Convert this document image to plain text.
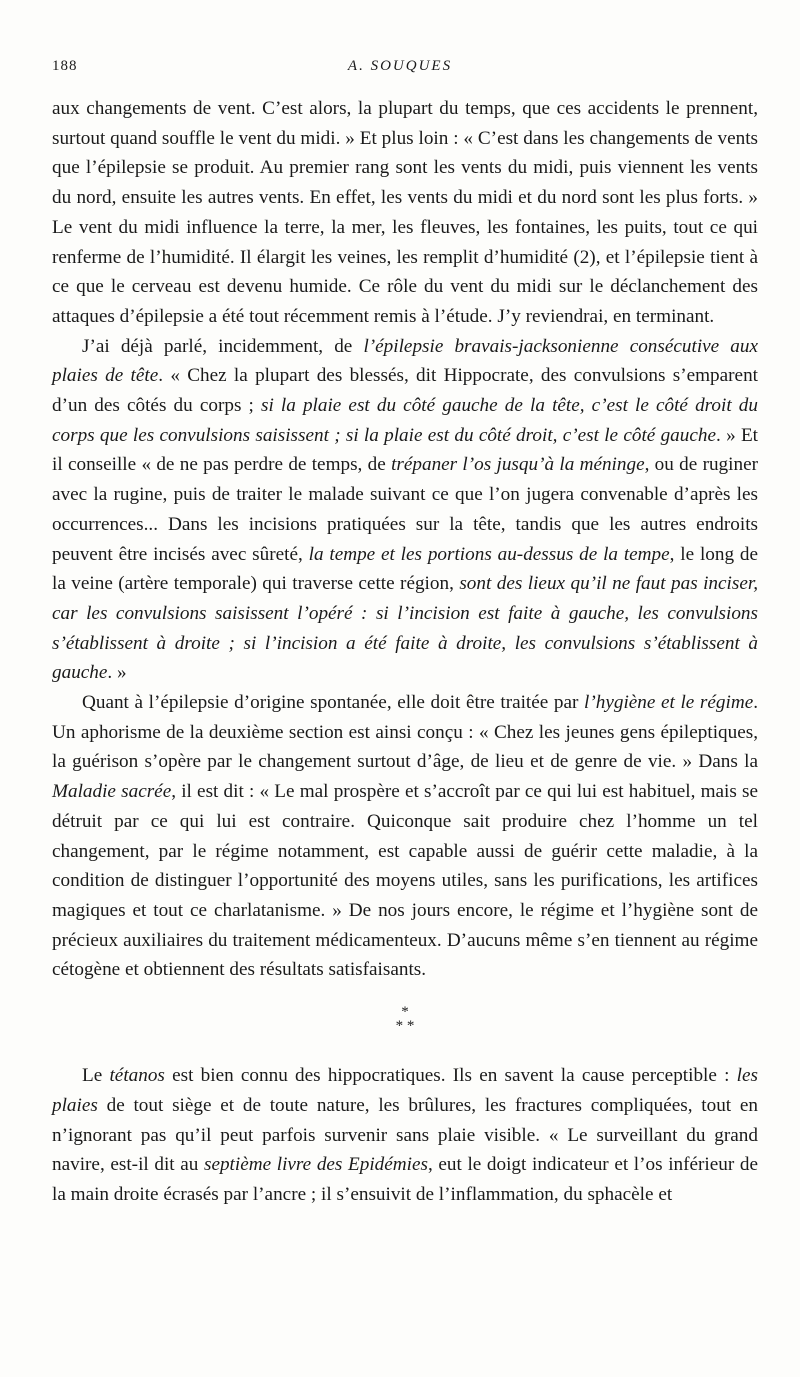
188	A. SOUQUES

aux changements de vent. C’est alors, la plupart du temps, que ces accidents le prennent, surtout quand souffle le vent du midi. » Et plus loin : « C’est dans les changements de vents que l’épilepsie se produit. Au premier rang sont les vents du midi, puis viennent les vents du nord, ensuite les autres vents. En effet, les vents du midi et du nord sont les plus forts. » Le vent du midi influence la terre, la mer, les fleuves, les fontaines, les puits, tout ce qui renferme de l’humidité. Il élargit les veines, les remplit d’humidité (2), et l’épilepsie tient à ce que le cerveau est devenu humide. Ce rôle du vent du midi sur le déclanchement des attaques d’épilepsie a été tout récemment remis à l’étude. J’y reviendrai, en terminant.

J’ai déjà parlé, incidemment, de l’épilepsie bravais-jacksonienne consécutive aux plaies de tête. « Chez la plupart des blessés, dit Hippocrate, des convulsions s’emparent d’un des côtés du corps ; si la plaie est du côté gauche de la tête, c’est le côté droit du corps que les convulsions saisissent ; si la plaie est du côté droit, c’est le côté gauche. » Et il conseille « de ne pas perdre de temps, de trépaner l’os jusqu’à la méninge, ou de ruginer avec la rugine, puis de traiter le malade suivant ce que l’on jugera convenable d’après les occurrences... Dans les incisions pratiquées sur la tête, tandis que les autres endroits peuvent être incisés avec sûreté, la tempe et les portions au-dessus de la tempe, le long de la veine (artère temporale) qui traverse cette région, sont des lieux qu’il ne faut pas inciser, car les convulsions saisissent l’opéré : si l’incision est faite à gauche, les convulsions s’établissent à droite ; si l’incision a été faite à droite, les convulsions s’établissent à gauche. »

Quant à l’épilepsie d’origine spontanée, elle doit être traitée par l’hygiène et le régime. Un aphorisme de la deuxième section est ainsi conçu : « Chez les jeunes gens épileptiques, la guérison s’opère par le changement surtout d’âge, de lieu et de genre de vie. » Dans la Maladie sacrée, il est dit : « Le mal prospère et s’accroît par ce qui lui est habituel, mais se détruit par ce qui lui est contraire. Quiconque sait produire chez l’homme un tel changement, par le régime notamment, est capable aussi de guérir cette maladie, à la condition de distinguer l’opportunité des moyens utiles, sans les purifications, les artifices magiques et tout ce charlatanisme. » De nos jours encore, le régime et l’hygiène sont de précieux auxiliaires du traitement médicamenteux. D’aucuns même s’en tiennent au régime cétogène et obtiennent des résultats satisfaisants.

*
* *

Le tétanos est bien connu des hippocratiques. Ils en savent la cause perceptible : les plaies de tout siège et de toute nature, les brûlures, les fractures compliquées, tout en n’ignorant pas qu’il peut parfois survenir sans plaie visible. « Le surveillant du grand navire, est-il dit au septième livre des Epidémies, eut le doigt indicateur et l’os inférieur de la main droite écrasés par l’ancre ; il s’ensuivit de l’inflammation, du sphacèle et
